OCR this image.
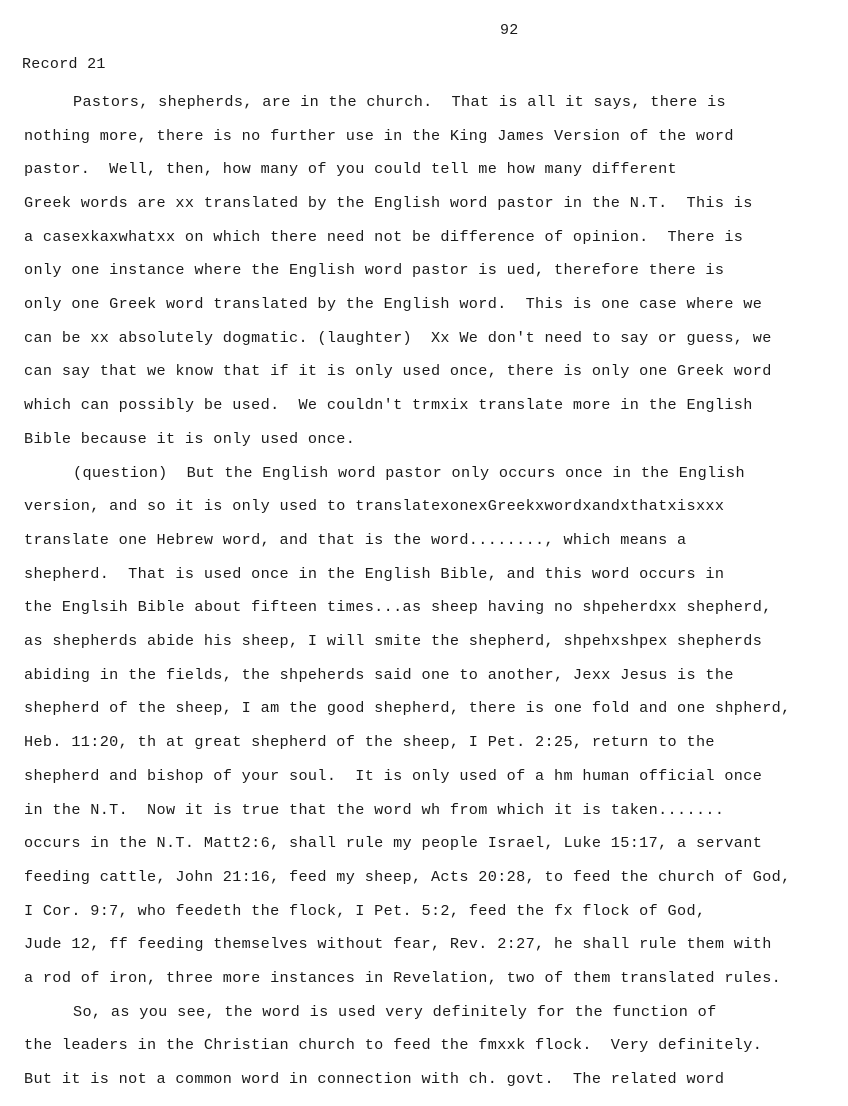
92
Record 21
Pastors, shepherds, are in the church.  That is all it says, there is
nothing more, there is no further use in the King James Version of the word
pastor.  Well, then, how many of you could tell me how many different
Greek words are xx translated by the English word pastor in the N.T.  This is
a casexkaxwhatxx on which there need not be difference of opinion.  There is
only one instance where the English word pastor is ued, therefore there is
only one Greek word translated by the English word.  This is one case where we
can be xx absolutely dogmatic. (laughter)  Xx We don't need to say or guess, we
can say that we know that if it is only used once, there is only one Greek word
which can possibly be used.  We couldn't trmxix translate more in the English
Bible because it is only used once.
(question)  But the English word pastor only occurs once in the English
version, and so it is only used to translatexonexGreekxwordxandxthatxisxxx
translate one Hebrew word, and that is the word........, which means a
shepherd.  That is used once in the English Bible, and this word occurs in
the Englsih Bible about fifteen times...as sheep having no shpeherdxx shepherd,
as shepherds abide his sheep, I will smite the shepherd, shpehxshpex shepherds
abiding in the fields, the shpeherds said one to another, Jexx Jesus is the
shepherd of the sheep, I am the good shepherd, there is one fold and one shpherd,
Heb. 11:20, th at great shepherd of the sheep, I Pet. 2:25, return to the
shepherd and bishop of your soul.  It is only used of a hm human official once
in the N.T.  Now it is true that the word wh from which it is taken.......
occurs in the N.T. Matt2:6, shall rule my people Israel, Luke 15:17, a servant
feeding cattle, John 21:16, feed my sheep, Acts 20:28, to feed the church of God,
I Cor. 9:7, who feedeth the flock, I Pet. 5:2, feed the fx flock of God,
Jude 12, ff feeding themselves without fear, Rev. 2:27, he shall rule them with
a rod of iron, three more instances in Revelation, two of them translated rules.
So, as you see, the word is used very definitely for the function of
the leaders in the Christian church to feed the fmxxk flock.  Very definitely.
But it is not a common word in connection with ch. govt.  The related word
